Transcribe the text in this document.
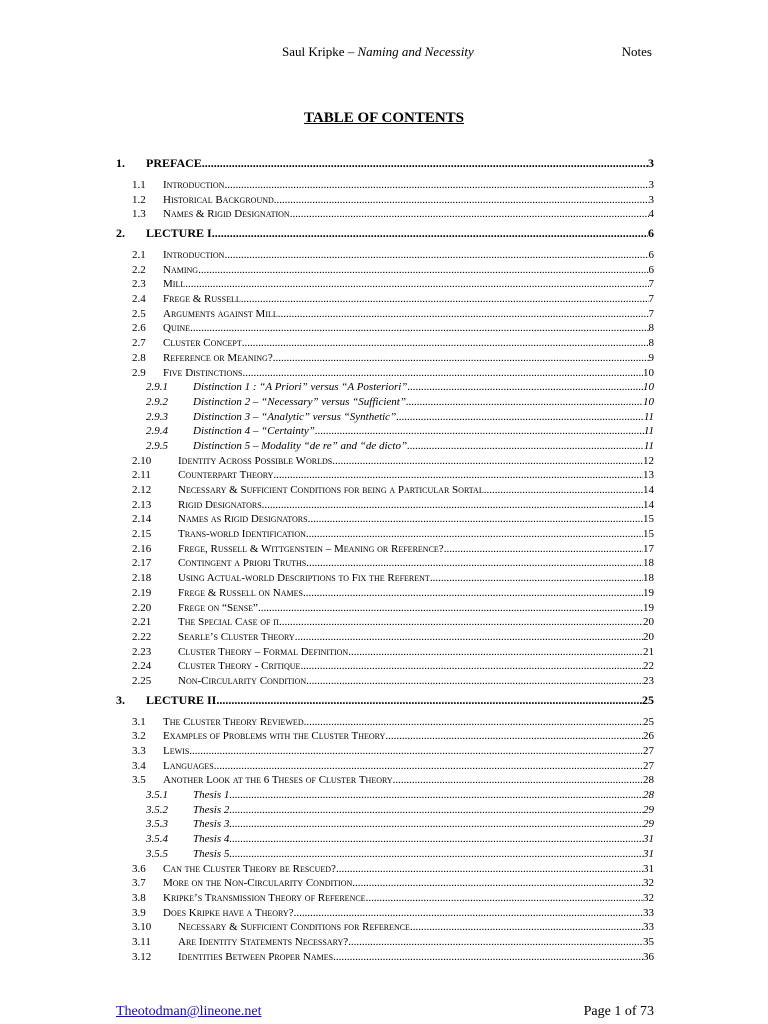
Saul Kripke – Naming and Necessity	Notes
TABLE OF CONTENTS
1.	PREFACE .....	3
1.1	Introduction .....	3
1.2	Historical Background .....	3
1.3	Names & Rigid Designation .....	4
2.	LECTURE I .....	6
2.1	Introduction .....	6
2.2	Naming .....	6
2.3	Mill .....	7
2.4	Frege & Russell .....	7
2.5	Arguments against Mill .....	7
2.6	Quine .....	8
2.7	Cluster Concept .....	8
2.8	Reference or Meaning? .....	9
2.9	Five Distinctions .....	10
2.9.1	Distinction 1 : “A Priori” versus “A Posteriori” .....	10
2.9.2	Distinction 2 – “Necessary” versus “Sufficient” .....	10
2.9.3	Distinction 3 – “Analytic” versus “Synthetic” .....	11
2.9.4	Distinction 4 – “Certainty” .....	11
2.9.5	Distinction 5 – Modality “de re” and “de dicto” .....	11
2.10	Identity Across Possible Worlds .....	12
2.11	Counterpart Theory .....	13
2.12	Necessary & Sufficient Conditions for being a Particular Sortal .....	14
2.13	Rigid Designators .....	14
2.14	Names as Rigid Designators .....	15
2.15	Trans-world Identification .....	15
2.16	Frege, Russell & Wittgenstein – Meaning or Reference? .....	17
2.17	Contingent a Priori Truths .....	18
2.18	Using Actual-world Descriptions to Fix the Referent .....	18
2.19	Frege & Russell on Names .....	19
2.20	Frege on “Sense” .....	19
2.21	The Special Case of π .....	20
2.22	Searle’s Cluster Theory .....	20
2.23	Cluster Theory – Formal Definition .....	21
2.24	Cluster Theory - Critique .....	22
2.25	Non-Circularity Condition .....	23
3.	LECTURE II .....	25
3.1	The Cluster Theory Reviewed .....	25
3.2	Examples of Problems with the Cluster Theory .....	26
3.3	Lewis .....	27
3.4	Languages .....	27
3.5	Another Look at the 6 Theses of Cluster Theory .....	28
3.5.1	Thesis 1 .....	28
3.5.2	Thesis 2 .....	29
3.5.3	Thesis 3 .....	29
3.5.4	Thesis 4 .....	31
3.5.5	Thesis 5 .....	31
3.6	Can the Cluster Theory be Rescued? .....	31
3.7	More on the Non-Circularity Condition .....	32
3.8	Kripke’s Transmission Theory of Reference .....	32
3.9	Does Kripke have a Theory? .....	33
3.10	Necessary & Sufficient Conditions for Reference .....	33
3.11	Are Identity Statements Necessary? .....	35
3.12	Identities Between Proper Names .....	36
Theotodman@lineone.net	Page 1 of 73
